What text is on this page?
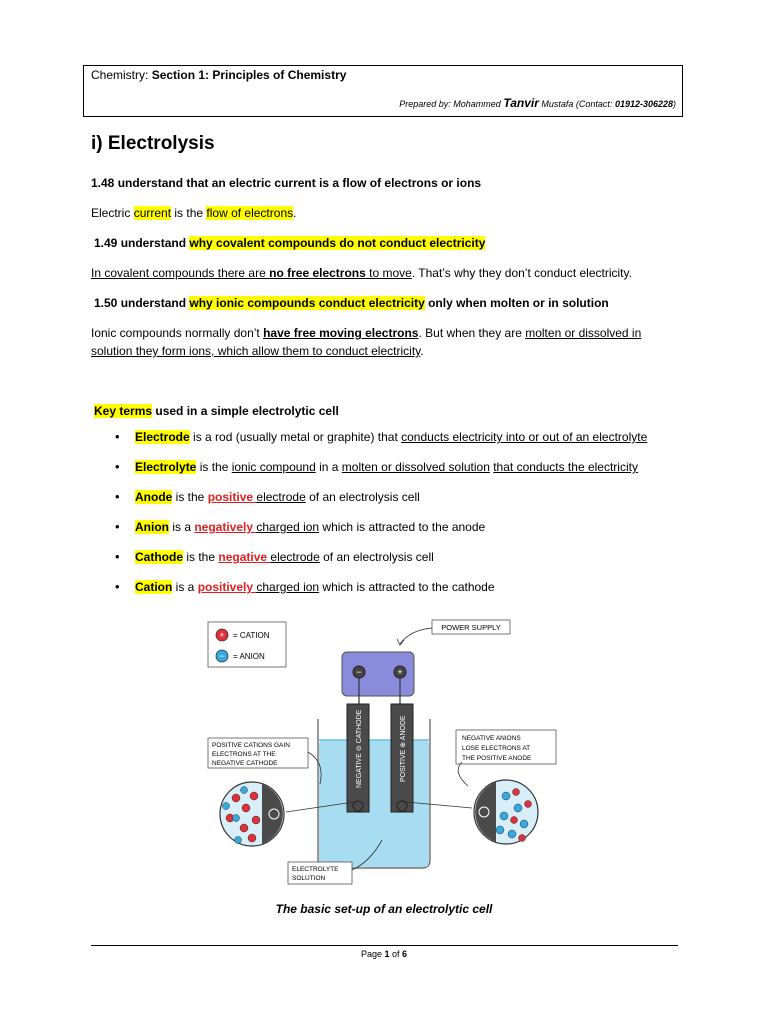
Chemistry: Section 1: Principles of Chemistry
Prepared by: Mohammed Tanvir Mustafa (Contact: 01912-306228)
i) Electrolysis
1.48 understand that an electric current is a flow of electrons or ions
Electric current is the flow of electrons.
1.49 understand why covalent compounds do not conduct electricity
In covalent compounds there are no free electrons to move. That’s why they don’t conduct electricity.
1.50 understand why ionic compounds conduct electricity only when molten or in solution
Ionic compounds normally don’t have free moving electrons. But when they are molten or dissolved in
solution they form ions, which allow them to conduct electricity.
Key terms used in a simple electrolytic cell
• Electrode is a rod (usually metal or graphite) that conducts electricity into or out of an electrolyte
• Electrolyte is the ionic compound in a molten or dissolved solution that conducts the electricity
• Anode is the positive electrode of an electrolysis cell
• Anion is a negatively charged ion which is attracted to the anode
• Cathode is the negative electrode of an electrolysis cell
• Cation is a positively charged ion which is attracted to the cathode
+ = CATION
− = ANION
POWER SUPPLY
−	+
NEGATIVE ⊖ CATHODE	POSITIVE ⊕ ANODE
POSITIVE CATIONS GAIN
ELECTRONS AT THE
NEGATIVE CATHODE
NEGATIVE ANIONS
LOSE ELECTRONS AT
THE POSITIVE ANODE
ELECTROLYTE
SOLUTION
The basic set-up of an electrolytic cell
Page 1 of 6
